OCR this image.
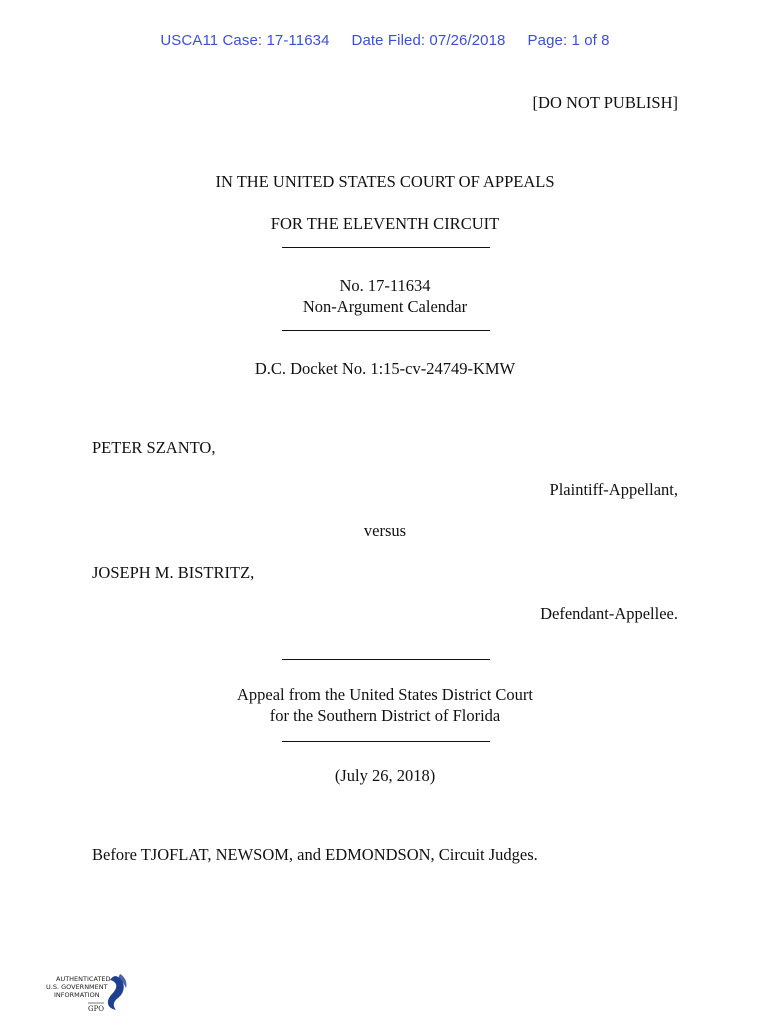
USCA11 Case: 17-11634 Date Filed: 07/26/2018 Page: 1 of 8
[DO NOT PUBLISH]
IN THE UNITED STATES COURT OF APPEALS
FOR THE ELEVENTH CIRCUIT
No. 17-11634
Non-Argument Calendar
D.C. Docket No. 1:15-cv-24749-KMW
PETER SZANTO,
Plaintiff-Appellant,
versus
JOSEPH M. BISTRITZ,
Defendant-Appellee.
Appeal from the United States District Court
for the Southern District of Florida
(July 26, 2018)
Before TJOFLAT, NEWSOM, and EDMONDSON, Circuit Judges.
AUTHENTICATED
U.S. GOVERNMENT
INFORMATION
GPO
